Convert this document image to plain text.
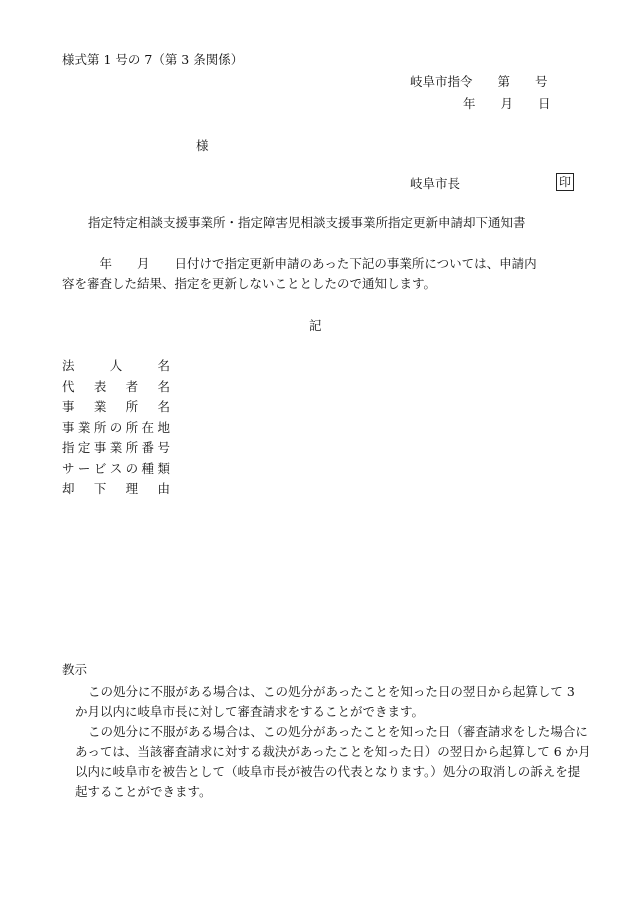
様式第 1 号の 7（第 3 条関係）
岐阜市指令　　第　　号
年　　月　　日
様
岐阜市長	印
指定特定相談支援事業所・指定障害児相談支援事業所指定更新申請却下通知書
　　　年　　月　　日付けで指定更新申請のあった下記の事業所については、申請内
容を審査した結果、指定を更新しないこととしたので通知します。
記
法	人	名
代 表 者 名
事 業 所 名
事 業 所 の 所 在 地
指 定 事 業 所 番 号
サ ー ビ ス の 種 類
却 下 理 由
教示
この処分に不服がある場合は、この処分があったことを知った日の翌日から起算して 3
か月以内に岐阜市長に対して審査請求をすることができます。
この処分に不服がある場合は、この処分があったことを知った日（審査請求をした場合に
あっては、当該審査請求に対する裁決があったことを知った日）の翌日から起算して 6 か月
以内に岐阜市を被告として（岐阜市長が被告の代表となります。）処分の取消しの訴えを提
起することができます。
